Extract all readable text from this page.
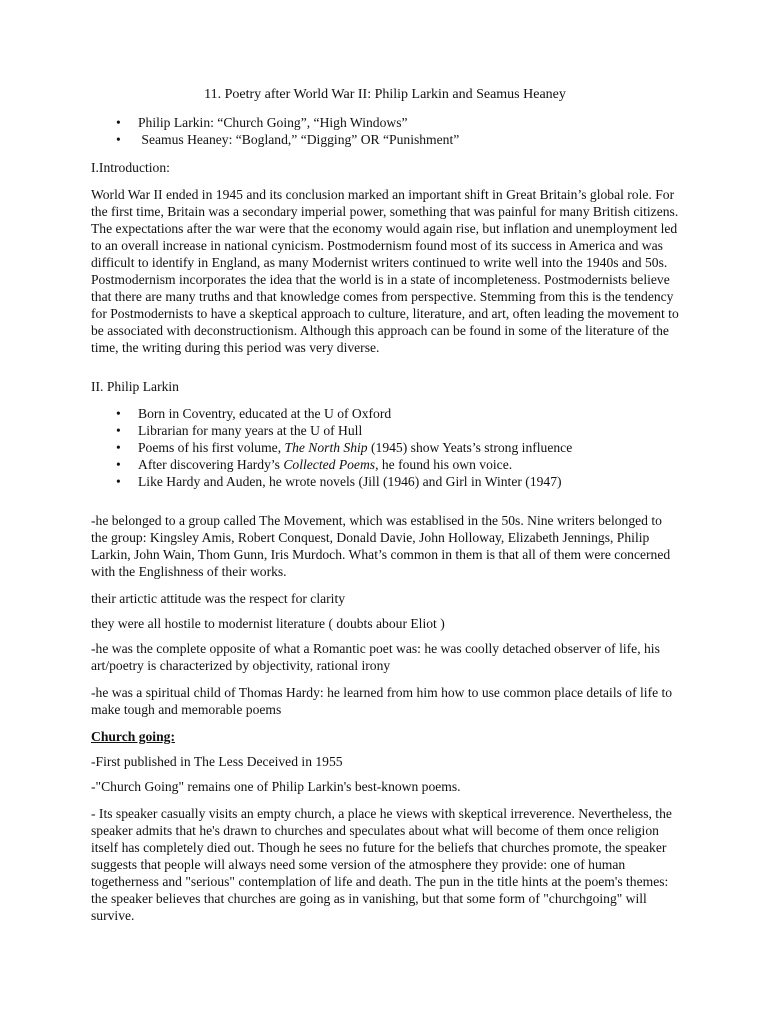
11. Poetry after World War II: Philip Larkin and Seamus Heaney
• Philip Larkin: “Church Going”, “High Windows”
• Seamus Heaney: “Bogland,” “Digging” OR “Punishment”
I.Introduction:

World War II ended in 1945 and its conclusion marked an important shift in Great Britain’s global role. For the first time, Britain was a secondary imperial power, something that was painful for many British citizens. The expectations after the war were that the economy would again rise, but inflation and unemployment led to an overall increase in national cynicism. Postmodernism found most of its success in America and was difficult to identify in England, as many Modernist writers continued to write well into the 1940s and 50s. Postmodernism incorporates the idea that the world is in a state of incompleteness. Postmodernists believe that there are many truths and that knowledge comes from perspective. Stemming from this is the tendency for Postmodernists to have a skeptical approach to culture, literature, and art, often leading the movement to be associated with deconstructionism. Although this approach can be found in some of the literature of the time, the writing during this period was very diverse.

II. Philip Larkin
• Born in Coventry, educated at the U of Oxford
• Librarian for many years at the U of Hull
• Poems of his first volume, The North Ship (1945) show Yeats’s strong influence
• After discovering Hardy’s Collected Poems, he found his own voice.
• Like Hardy and Auden, he wrote novels (Jill (1946) and Girl in Winter (1947)

-he belonged to a group called The Movement, which was establised in the 50s. Nine writers belonged to the group: Kingsley Amis, Robert Conquest, Donald Davie, John Holloway, Elizabeth Jennings, Philip Larkin, John Wain, Thom Gunn, Iris Murdoch. What’s common in them is that all of them were concerned with the Englishness of their works.

their artictic attitude was the respect for clarity
they were all hostile to modernist literature ( doubts abour Eliot )

-he was the complete opposite of what a Romantic poet was: he was coolly detached observer of life, his art/poetry is characterized by objectivity, rational irony

-he was a spiritual child of Thomas Hardy: he learned from him how to use common place details of life to make tough and memorable poems

Church going:
-First published in The Less Deceived in 1955
-"Church Going" remains one of Philip Larkin's best-known poems.

- Its speaker casually visits an empty church, a place he views with skeptical irreverence. Nevertheless, the speaker admits that he's drawn to churches and speculates about what will become of them once religion itself has completely died out. Though he sees no future for the beliefs that churches promote, the speaker suggests that people will always need some version of the atmosphere they provide: one of human togetherness and "serious" contemplation of life and death. The pun in the title hints at the poem's themes: the speaker believes that churches are going as in vanishing, but that some form of "churchgoing" will survive.
